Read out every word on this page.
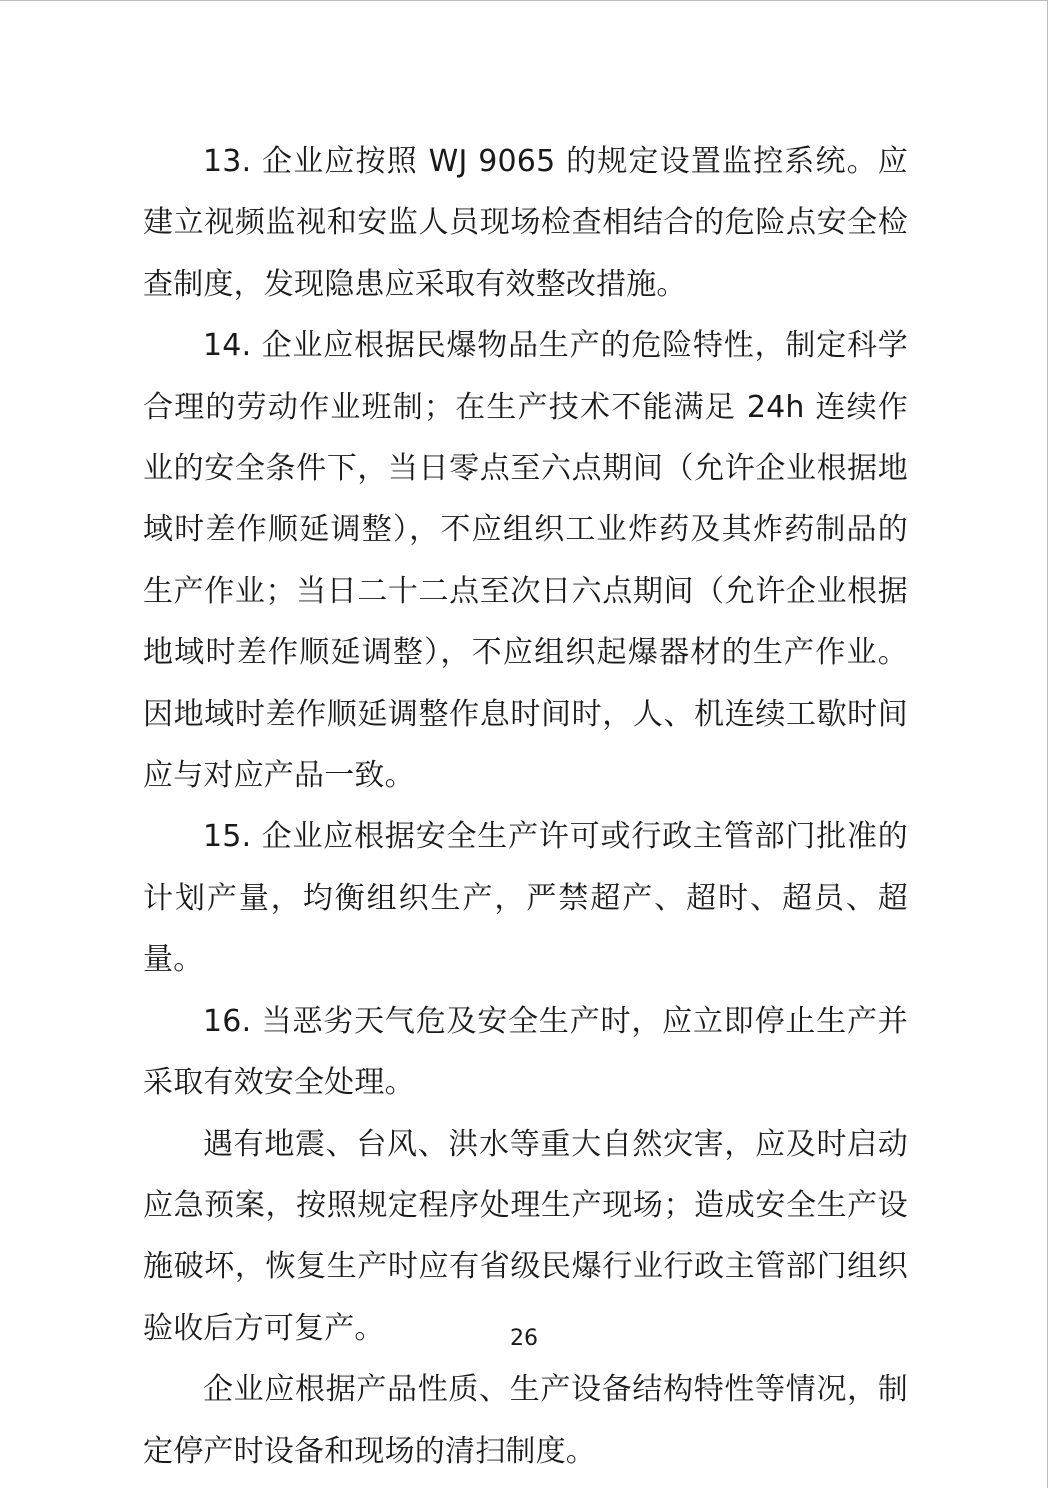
13. 企业应按照 WJ 9065 的规定设置监控系统。应建立视频监视和安监人员现场检查相结合的危险点安全检查制度，发现隐患应采取有效整改措施。

14. 企业应根据民爆物品生产的危险特性，制定科学合理的劳动作业班制；在生产技术不能满足 24h 连续作业的安全条件下，当日零点至六点期间（允许企业根据地域时差作顺延调整），不应组织工业炸药及其炸药制品的生产作业；当日二十二点至次日六点期间（允许企业根据地域时差作顺延调整），不应组织起爆器材的生产作业。因地域时差作顺延调整作息时间时，人、机连续工歇时间应与对应产品一致。

15. 企业应根据安全生产许可或行政主管部门批准的计划产量，均衡组织生产，严禁超产、超时、超员、超量。

16. 当恶劣天气危及安全生产时，应立即停止生产并采取有效安全处理。

遇有地震、台风、洪水等重大自然灾害，应及时启动应急预案，按照规定程序处理生产现场；造成安全生产设施破坏，恢复生产时应有省级民爆行业行政主管部门组织验收后方可复产。

企业应根据产品性质、生产设备结构特性等情况，制定停产时设备和现场的清扫制度。

26
